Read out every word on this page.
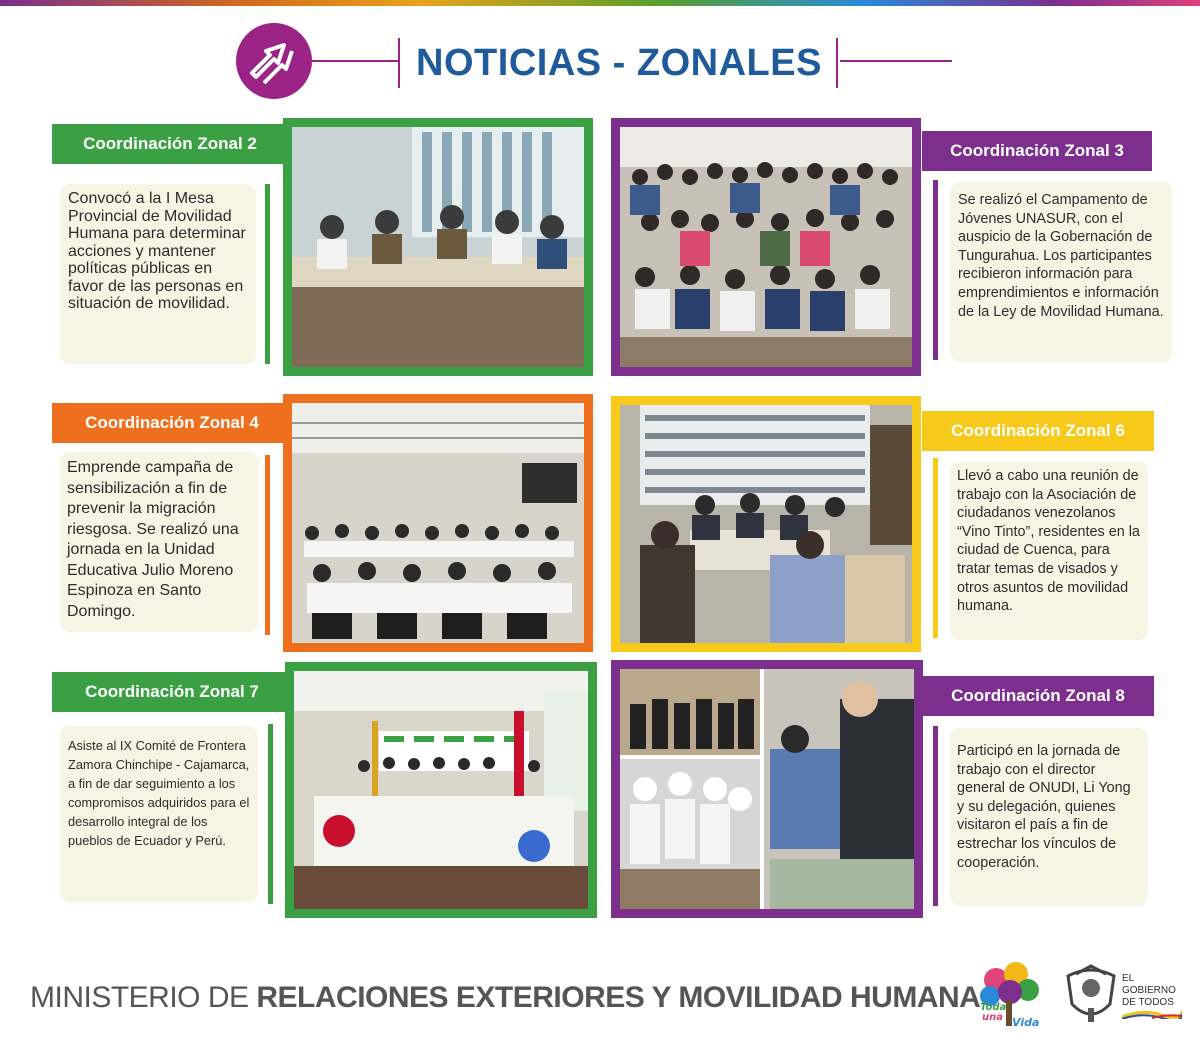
NOTICIAS - ZONALES
Coordinación Zonal 2
Convocó a la I Mesa Provincial de Movilidad Humana para determinar acciones y mantener políticas públicas en favor de las personas en situación de movilidad.
Coordinación Zonal 3
Se realizó el Campamento de Jóvenes UNASUR, con el auspicio de la Gobernación de Tungurahua. Los participantes recibieron información para emprendimientos e información de la Ley de Movilidad Humana.
Coordinación Zonal 4
Emprende campaña de sensibilización a fin de prevenir la migración riesgosa. Se realizó una jornada en la Unidad Educativa Julio Moreno Espinoza en Santo Domingo.
Coordinación Zonal 6
Llevó a cabo una reunión de trabajo con la Asociación de ciudadanos venezolanos “Vino Tinto”, residentes en la ciudad de Cuenca, para tratar temas de visados y otros asuntos de movilidad humana.
Coordinación Zonal 7
Asiste al IX Comité de Frontera Zamora Chinchipe - Cajamarca, a fin de dar seguimiento a los compromisos adquiridos para el desarrollo integral de los pueblos de Ecuador y Perú.
Coordinación Zonal 8
Participó en la jornada de trabajo con el director general de ONUDI, Li Yong y su delegación, quienes visitaron el país a fin de estrechar los vínculos de cooperación.
MINISTERIO DE RELACIONES EXTERIORES Y MOVILIDAD HUMANA Toda
una Vida
EL
GOBIERNO
DE TODOS
